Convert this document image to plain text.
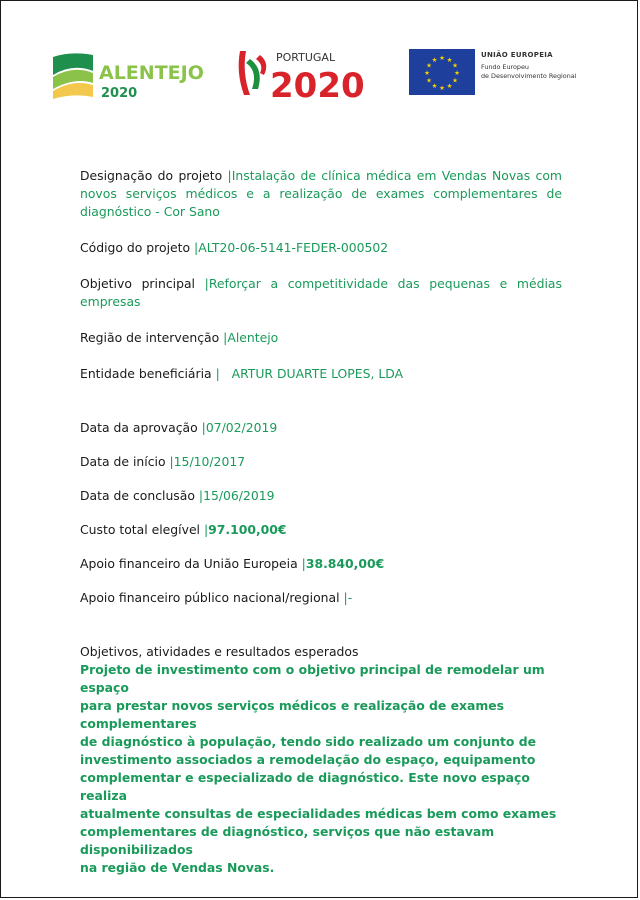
ALENTEJO
2020
PORTUGAL
2020
★ ★
★
★
★
★
★
★
★
★
★
★
UNIÃO EUROPEIA
Fundo Europeu
de Desenvolvimento Regional

Designação do projeto |Instalação de clínica médica em Vendas Novas com novos serviços médicos e a realização de exames complementares de diagnóstico - Cor Sano

Código do projeto |ALT20-06-5141-FEDER-000502

Objetivo principal |Reforçar a competitividade das pequenas e médias empresas

Região de intervenção |Alentejo

Entidade beneficiária | ARTUR DUARTE LOPES, LDA

Data da aprovação |07/02/2019

Data de início |15/10/2017

Data de conclusão |15/06/2019

Custo total elegível |97.100,00€

Apoio financeiro da União Europeia |38.840,00€

Apoio financeiro público nacional/regional |-

Objetivos, atividades e resultados esperados
Projeto de investimento com o objetivo principal de remodelar um espaço
para prestar novos serviços médicos e realização de exames complementares
de diagnóstico à população, tendo sido realizado um conjunto de
investimento associados a remodelação do espaço, equipamento
complementar e especializado de diagnóstico. Este novo espaço realiza
atualmente consultas de especialidades médicas bem como exames
complementares de diagnóstico, serviços que não estavam disponibilizados
na região de Vendas Novas.
